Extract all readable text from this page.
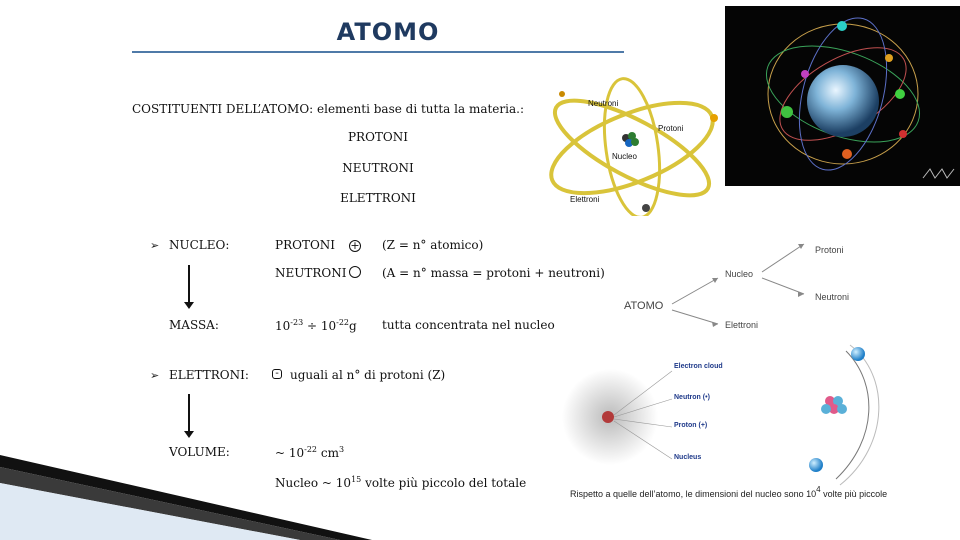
ATOMO
COSTITUENTI DELL’ATOMO: elementi base di tutta la materia.:
PROTONI
NEUTRONI
ELETTRONI
➢ NUCLEO:	PROTONI + (Z = n° atomico)
NEUTRONI	(A = n° massa = protoni + neutroni)
MASSA:	$10^{-23} \div 10^{-22}g$ tutta concentrata nel nucleo
➢ ELETTRONI:	- uguali al n° di protoni (Z)
VOLUME:	~ $10^{-22}$ $cm^3$
Nucleo ~ $10^{15}$ volte più piccolo del totale
Neutroni
Protoni
Nucleo
Elettroni
ATOMO
Nucleo
Elettroni
Protoni
Neutroni
Electron cloud
Neutron (•)
Proton (+)
Nucleus
Rispetto a quelle dell’atomo, le dimensioni del nucleo sono $10^4$ volte più piccole
